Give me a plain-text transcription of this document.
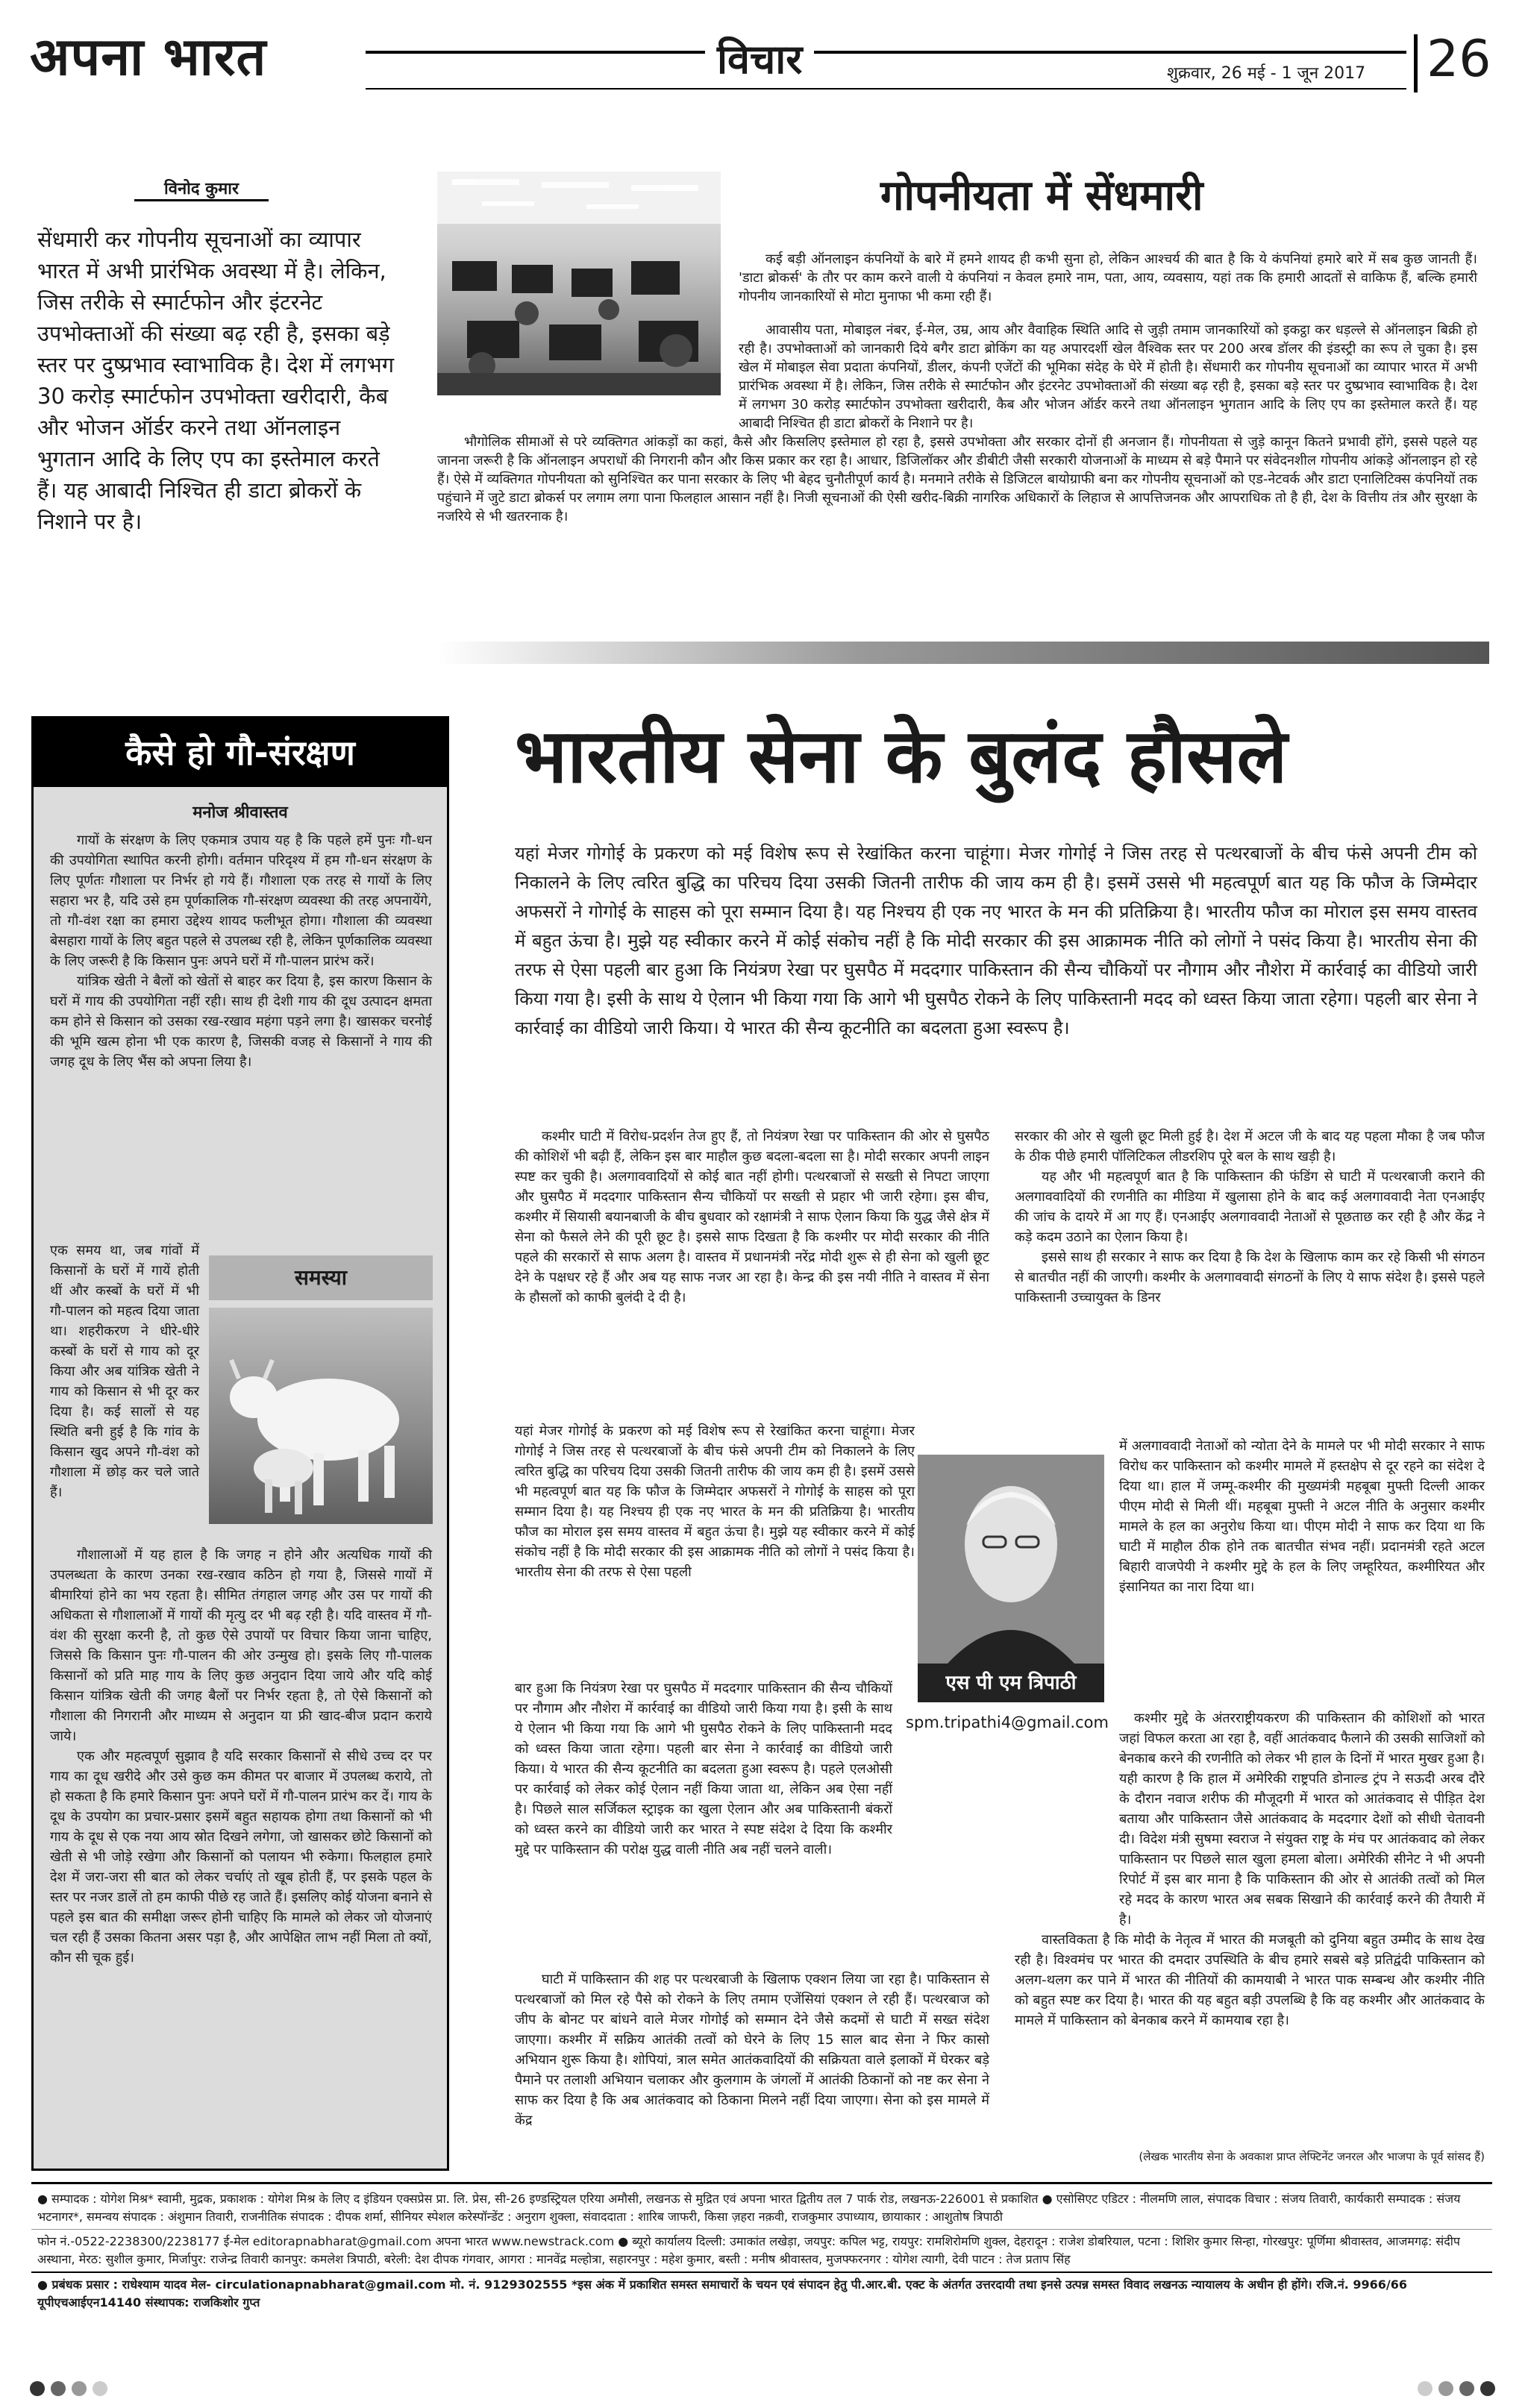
अपना भारत	विचार	शुक्रवार, 26 मई - 1 जून 2017 26
विनोद कुमार
सेंधमारी कर गोपनीय सूचनाओं का व्यापार भारत में अभी प्रारंभिक अवस्था में है। लेकिन, जिस तरीके से स्मार्टफोन और इंटरनेट उपभोक्ताओं की संख्या बढ़ रही है, इसका बड़े स्तर पर दुष्प्रभाव स्वाभाविक है। देश में लगभग 30 करोड़ स्मार्टफोन उपभोक्ता खरीदारी, कैब और भोजन ऑर्डर करने तथा ऑनलाइन भुगतान आदि के लिए एप का इस्तेमाल करते हैं। यह आबादी निश्चित ही डाटा ब्रोकरों के निशाने पर है।
गोपनीयता में सेंधमारी

कई बड़ी ऑनलाइन कंपनियों के बारे में हमने शायद ही कभी सुना हो, लेकिन आश्चर्य की बात है कि ये कंपनियां हमारे बारे में सब कुछ जानती हैं। 'डाटा ब्रोकर्स' के तौर पर काम करने वाली ये कंपनियां न केवल हमारे नाम, पता, आय, व्यवसाय, यहां तक कि हमारी आदतों से वाकिफ हैं, बल्कि हमारी गोपनीय जानकारियों से मोटा मुनाफा भी कमा रही हैं।

आवासीय पता, मोबाइल नंबर, ई-मेल, उम्र, आय और वैवाहिक स्थिति आदि से जुड़ी तमाम जानकारियों को इकट्ठा कर धड़ल्ले से ऑनलाइन बिक्री हो रही है। उपभोक्ताओं को जानकारी दिये बगैर डाटा ब्रोकिंग का यह अपारदर्शी खेल वैश्विक स्तर पर 200 अरब डॉलर की इंडस्ट्री का रूप ले चुका है। इस खेल में मोबाइल सेवा प्रदाता कंपनियों, डीलर, कंपनी एजेंटों की भूमिका संदेह के घेरे में होती है। सेंधमारी कर गोपनीय सूचनाओं का व्यापार भारत में अभी प्रारंभिक अवस्था में है। लेकिन, जिस तरीके से स्मार्टफोन और इंटरनेट उपभोक्ताओं की संख्या बढ़ रही है, इसका बड़े स्तर पर दुष्प्रभाव स्वाभाविक है। देश में लगभग 30 करोड़ स्मार्टफोन उपभोक्ता खरीदारी, कैब और भोजन ऑर्डर करने तथा ऑनलाइन भुगतान आदि के लिए एप का इस्तेमाल करते हैं। यह आबादी निश्चित ही डाटा ब्रोकरों के निशाने पर है।

भौगोलिक सीमाओं से परे व्यक्तिगत आंकड़ों का कहां, कैसे और किसलिए इस्तेमाल हो रहा है, इससे उपभोक्ता और सरकार दोनों ही अनजान हैं। गोपनीयता से जुड़े कानून कितने प्रभावी होंगे, इससे पहले यह जानना जरूरी है कि ऑनलाइन अपराधों की निगरानी कौन और किस प्रकार कर रहा है। आधार, डिजिलॉकर और डीबीटी जैसी सरकारी योजनाओं के माध्यम से बड़े पैमाने पर संवेदनशील गोपनीय आंकड़े ऑनलाइन हो रहे हैं। ऐसे में व्यक्तिगत गोपनीयता को सुनिश्चित कर पाना सरकार के लिए भी बेहद चुनौतीपूर्ण कार्य है। मनमाने तरीके से डिजिटल बायोग्राफी बना कर गोपनीय सूचनाओं को एड-नेटवर्क और डाटा एनालिटिक्स कंपनियों तक पहुंचाने में जुटे डाटा ब्रोकर्स पर लगाम लगा पाना फिलहाल आसान नहीं है। निजी सूचनाओं की ऐसी खरीद-बिक्री नागरिक अधिकारों के लिहाज से आपत्तिजनक और आपराधिक तो है ही, देश के वित्तीय तंत्र और सुरक्षा के नजरिये से भी खतरनाक है।

कैसे हो गौ-संरक्षण
मनोज श्रीवास्तव

गायों के संरक्षण के लिए एकमात्र उपाय यह है कि पहले हमें पुनः गौ-धन की उपयोगिता स्थापित करनी होगी। वर्तमान परिदृश्य में हम गौ-धन संरक्षण के लिए पूर्णतः गौशाला पर निर्भर हो गये हैं। गौशाला एक तरह से गायों के लिए सहारा भर है, यदि उसे हम पूर्णकालिक गौ-संरक्षण व्यवस्था की तरह अपनायेंगे, तो गौ-वंश रक्षा का हमारा उद्देश्य शायद फलीभूत होगा। गौशाला की व्यवस्था बेसहारा गायों के लिए बहुत पहले से उपलब्ध रही है, लेकिन पूर्णकालिक व्यवस्था के लिए जरूरी है कि किसान पुनः अपने घरों में गौ-पालन प्रारंभ करें।

यांत्रिक खेती ने बैलों को खेतों से बाहर कर दिया है, इस कारण किसान के घरों में गाय की उपयोगिता नहीं रही। साथ ही देशी गाय की दूध उत्पादन क्षमता कम होने से किसान को उसका रख-रखाव महंगा पड़ने लगा है। खासकर चरनोई की भूमि खत्म होना भी एक कारण है, जिसकी वजह से किसानों ने गाय की जगह दूध के लिए भैंस को अपना लिया है।

एक समय था, जब गांवों में किसानों के घरों में गायें होती थीं और कस्बों के घरों में भी गौ-पालन को महत्व दिया जाता था। शहरीकरण ने धीरे-धीरे कस्बों के घरों से गाय को दूर किया और अब यांत्रिक खेती ने गाय को किसान से भी दूर कर दिया है। कई सालों से यह स्थिति बनी हुई है कि गांव के किसान खुद अपने गौ-वंश को गौशाला में छोड़ कर चले जाते हैं।
समस्या

गौशालाओं में यह हाल है कि जगह न होने और अत्यधिक गायों की उपलब्धता के कारण उनका रख-रखाव कठिन हो गया है, जिससे गायों में बीमारियां होने का भय रहता है। सीमित तंगहाल जगह और उस पर गायों की अधिकता से गौशालाओं में गायों की मृत्यु दर भी बढ़ रही है। यदि वास्तव में गौ-वंश की सुरक्षा करनी है, तो कुछ ऐसे उपायों पर विचार किया जाना चाहिए, जिससे कि किसान पुनः गौ-पालन की ओर उन्मुख हो। इसके लिए गौ-पालक किसानों को प्रति माह गाय के लिए कुछ अनुदान दिया जाये और यदि कोई किसान यांत्रिक खेती की जगह बैलों पर निर्भर रहता है, तो ऐसे किसानों को गौशाला की निगरानी और माध्यम से अनुदान या फ्री खाद-बीज प्रदान कराये जाये।

एक और महत्वपूर्ण सुझाव है यदि सरकार किसानों से सीधे उच्च दर पर गाय का दूध खरीदे और उसे कुछ कम कीमत पर बाजार में उपलब्ध कराये, तो हो सकता है कि हमारे किसान पुनः अपने घरों में गौ-पालन प्रारंभ कर दें। गाय के दूध के उपयोग का प्रचार-प्रसार इसमें बहुत सहायक होगा तथा किसानों को भी गाय के दूध से एक नया आय स्रोत दिखने लगेगा, जो खासकर छोटे किसानों को खेती से भी जोड़े रखेगा और किसानों को पलायन भी रुकेगा। फिलहाल हमारे देश में जरा-जरा सी बात को लेकर चर्चाएं तो खूब होती हैं, पर इसके पहल के स्तर पर नजर डालें तो हम काफी पीछे रह जाते हैं। इसलिए कोई योजना बनाने से पहले इस बात की समीक्षा जरूर होनी चाहिए कि मामले को लेकर जो योजनाएं चल रही हैं उसका कितना असर पड़ा है, और आपेक्षित लाभ नहीं मिला तो क्यों, कौन सी चूक हुई।

भारतीय सेना के बुलंद हौसले
यहां मेजर गोगोई के प्रकरण को मई विशेष रूप से रेखांकित करना चाहूंगा। मेजर गोगोई ने जिस तरह से पत्थरबाजों के बीच फंसे अपनी टीम को निकालने के लिए त्वरित बुद्धि का परिचय दिया उसकी जितनी तारीफ की जाय कम ही है। इसमें उससे भी महत्वपूर्ण बात यह कि फौज के जिम्मेदार अफसरों ने गोगोई के साहस को पूरा सम्मान दिया है। यह निश्चय ही एक नए भारत के मन की प्रतिक्रिया है। भारतीय फौज का मोराल इस समय वास्तव में बहुत ऊंचा है। मुझे यह स्वीकार करने में कोई संकोच नहीं है कि मोदी सरकार की इस आक्रामक नीति को लोगों ने पसंद किया है। भारतीय सेना की तरफ से ऐसा पहली बार हुआ कि नियंत्रण रेखा पर घुसपैठ में मददगार पाकिस्तान की सैन्य चौकियों पर नौगाम और नौशेरा में कार्रवाई का वीडियो जारी किया गया है। इसी के साथ ये ऐलान भी किया गया कि आगे भी घुसपैठ रोकने के लिए पाकिस्तानी मदद को ध्वस्त किया जाता रहेगा। पहली बार सेना ने कार्रवाई का वीडियो जारी किया। ये भारत की सैन्य कूटनीति का बदलता हुआ स्वरूप है।
कश्मीर घाटी में विरोध-प्रदर्शन तेज हुए हैं, तो नियंत्रण रेखा पर पाकिस्तान की ओर से घुसपैठ की कोशिशें भी बढ़ी हैं, लेकिन इस बार माहौल कुछ बदला-बदला सा है। मोदी सरकार अपनी लाइन स्पष्ट कर चुकी है। अलगाववादियों से कोई बात नहीं होगी। पत्थरबाजों से सख्ती से निपटा जाएगा और घुसपैठ में मददगार पाकिस्तान सैन्य चौकियों पर सख्ती से प्रहार भी जारी रहेगा। इस बीच, कश्मीर में सियासी बयानबाजी के बीच बुधवार को रक्षामंत्री ने साफ ऐलान किया कि युद्ध जैसे क्षेत्र में सेना को फैसले लेने की पूरी छूट है। इससे साफ दिखता है कि कश्मीर पर मोदी सरकार की नीति पहले की सरकारों से साफ अलग है। वास्तव में प्रधानमंत्री नरेंद्र मोदी शुरू से ही सेना को खुली छूट देने के पक्षधर रहे हैं और अब यह साफ नजर आ रहा है। केन्द्र की इस नयी नीति ने वास्तव में सेना के हौसलों को काफी बुलंदी दे दी है।
यहां मेजर गोगोई के प्रकरण को मई विशेष रूप से रेखांकित करना चाहूंगा। मेजर गोगोई ने जिस तरह से पत्थरबाजों के बीच फंसे अपनी टीम को निकालने के लिए त्वरित बुद्धि का परिचय दिया उसकी जितनी तारीफ की जाय कम ही है। इसमें उससे भी महत्वपूर्ण बात यह कि फौज के जिम्मेदार अफसरों ने गोगोई के साहस को पूरा सम्मान दिया है। यह निश्चय ही एक नए भारत के मन की प्रतिक्रिया है। भारतीय फौज का मोराल इस समय वास्तव में बहुत ऊंचा है। मुझे यह स्वीकार करने में कोई संकोच नहीं है कि मोदी सरकार की इस आक्रामक नीति को लोगों ने पसंद किया है। भारतीय सेना की तरफ से ऐसा पहली
एस पी एम त्रिपाठी
spm.tripathi4@gmail.com

बार हुआ कि नियंत्रण रेखा पर घुसपैठ में मददगार पाकिस्तान की सैन्य चौकियों पर नौगाम और नौशेरा में कार्रवाई का वीडियो जारी किया गया है। इसी के साथ ये ऐलान भी किया गया कि आगे भी घुसपैठ रोकने के लिए पाकिस्तानी मदद को ध्वस्त किया जाता रहेगा। पहली बार सेना ने कार्रवाई का वीडियो जारी किया। ये भारत की सैन्य कूटनीति का बदलता हुआ स्वरूप है। पहले एलओसी पर कार्रवाई को लेकर कोई ऐलान नहीं किया जाता था, लेकिन अब ऐसा नहीं है। पिछले साल सर्जिकल स्ट्राइक का खुला ऐलान और अब पाकिस्तानी बंकरों को ध्वस्त करने का वीडियो जारी कर भारत ने स्पष्ट संदेश दे दिया कि कश्मीर मुद्दे पर पाकिस्तान की परोक्ष युद्ध वाली नीति अब नहीं चलने वाली।

घाटी में पाकिस्तान की शह पर पत्थरबाजी के खिलाफ एक्शन लिया जा रहा है। पाकिस्तान से पत्थरबाजों को मिल रहे पैसे को रोकने के लिए तमाम एजेंसियां एक्शन ले रही हैं। पत्थरबाज को जीप के बोनट पर बांधने वाले मेजर गोगोई को सम्मान देने जैसे कदमों से घाटी में सख्त संदेश जाएगा। कश्मीर में सक्रिय आतंकी तत्वों को घेरने के लिए 15 साल बाद सेना ने फिर कासो अभियान शुरू किया है। शोपियां, त्राल समेत आतंकवादियों की सक्रियता वाले इलाकों में घेरकर बड़े पैमाने पर तलाशी अभियान चलाकर और कुलगाम के जंगलों में आतंकी ठिकानों को नष्ट कर सेना ने साफ कर दिया है कि अब आतंकवाद को ठिकाना मिलने नहीं दिया जाएगा। सेना को इस मामले में केंद्र

सरकार की ओर से खुली छूट मिली हुई है। देश में अटल जी के बाद यह पहला मौका है जब फौज के ठीक पीछे हमारी पॉलिटिकल लीडरशिप पूरे बल के साथ खड़ी है।

यह और भी महत्वपूर्ण बात है कि पाकिस्तान की फंडिंग से घाटी में पत्थरबाजी कराने की अलगाववादियों की रणनीति का मीडिया में खुलासा होने के बाद कई अलगाववादी नेता एनआईए की जांच के दायरे में आ गए हैं। एनआईए अलगाववादी नेताओं से पूछताछ कर रही है और केंद्र ने कड़े कदम उठाने का ऐलान किया है।

इससे साथ ही सरकार ने साफ कर दिया है कि देश के खिलाफ काम कर रहे किसी भी संगठन से बातचीत नहीं की जाएगी। कश्मीर के अलगाववादी संगठनों के लिए ये साफ संदेश है। इससे पहले पाकिस्तानी उच्चायुक्त के डिनर

में अलगाववादी नेताओं को न्योता देने के मामले पर भी मोदी सरकार ने साफ विरोध कर पाकिस्तान को कश्मीर मामले में हस्तक्षेप से दूर रहने का संदेश दे दिया था। हाल में जम्मू-कश्मीर की मुख्यमंत्री महबूबा मुफ्ती दिल्ली आकर पीएम मोदी से मिली थीं। महबूबा मुफ्ती ने अटल नीति के अनुसार कश्मीर मामले के हल का अनुरोध किया था। पीएम मोदी ने साफ कर दिया था कि घाटी में माहौल ठीक होने तक बातचीत संभव नहीं। प्रदानमंत्री रहते अटल बिहारी वाजपेयी ने कश्मीर मुद्दे के हल के लिए जम्हूरियत, कश्मीरियत और इंसानियत का नारा दिया था।

कश्मीर मुद्दे के अंतरराष्ट्रीयकरण की पाकिस्तान की कोशिशों को भारत जहां विफल करता आ रहा है, वहीं आतंकवाद फैलाने की उसकी साजिशों को बेनकाब करने की रणनीति को लेकर भी हाल के दिनों में भारत मुखर हुआ है। यही कारण है कि हाल में अमेरिकी राष्ट्रपति डोनाल्ड ट्रंप ने सऊदी अरब दौरे के दौरान नवाज शरीफ की मौजूदगी में भारत को आतंकवाद से पीड़ित देश बताया और पाकिस्तान जैसे आतंकवाद के मददगार देशों को सीधी चेतावनी दी। विदेश मंत्री सुषमा स्वराज ने संयुक्त राष्ट्र के मंच पर आतंकवाद को लेकर पाकिस्तान पर पिछले साल खुला हमला बोला। अमेरिकी सीनेट ने भी अपनी रिपोर्ट में इस बार माना है कि पाकिस्तान की ओर से आतंकी तत्वों को मिल रहे मदद के कारण भारत अब सबक सिखाने की कार्रवाई करने की तैयारी में है।

वास्तविकता है कि मोदी के नेतृत्व में भारत की मजबूती को दुनिया बहुत उम्मीद के साथ देख रही है। विश्वमंच पर भारत की दमदार उपस्थिति के बीच हमारे सबसे बड़े प्रतिद्वंदी पाकिस्तान को अलग-थलग कर पाने में भारत की नीतियों की कामयाबी ने भारत पाक सम्बन्ध और कश्मीर नीति को बहुत स्पष्ट कर दिया है। भारत की यह बहुत बड़ी उपलब्धि है कि वह कश्मीर और आतंकवाद के मामले में पाकिस्तान को बेनकाब करने में कामयाब रहा है।

(लेखक भारतीय सेना के अवकाश प्राप्त लेफ्टिनेंट जनरल और भाजपा के पूर्व सांसद हैं)
● सम्पादक : योगेश मिश्र* स्वामी, मुद्रक, प्रकाशक : योगेश मिश्र के लिए द इंडियन एक्सप्रेस प्रा. लि. प्रेस, सी-26 इण्डस्ट्रियल एरिया अमौसी, लखनऊ से मुद्रित एवं अपना भारत द्वितीय तल 7 पार्क रोड, लखनऊ-226001 से प्रकाशित ● एसोसिएट एडिटर : नीलमणि लाल, संपादक विचार : संजय तिवारी, कार्यकारी सम्पादक : संजय भटनागर*, समन्वय संपादक : अंशुमान तिवारी, राजनीतिक संपादक : दीपक शर्मा, सीनियर स्पेशल करेस्पॉन्डेंट : अनुराग शुक्ला, संवाददाता : शारिब जाफरी, किसा ज़हरा नक़वी, राजकुमार उपाध्याय, छायाकार : आशुतोष त्रिपाठी
फोन नं.-0522-2238300/2238177 ई-मेल editorapnabharat@gmail.com अपना भारत www.newstrack.com ● ब्यूरो कार्यालय दिल्ली: उमाकांत लखेड़ा, जयपुर: कपिल भट्ट, रायपुर: रामशिरोमणि शुक्ल, देहरादून : राजेश डोबरियाल, पटना : शिशिर कुमार सिन्हा, गोरखपुर: पूर्णिमा श्रीवास्तव, आजमगढ़: संदीप अस्थाना, मेरठ: सुशील कुमार, मिर्जापुर: राजेन्द्र तिवारी कानपुर: कमलेश त्रिपाठी, बरेली: देश दीपक गंगवार, आगरा : मानवेंद्र मल्होत्रा, सहारनपुर : महेश कुमार, बस्ती : मनीष श्रीवास्तव, मुजफ्फरनगर : योगेश त्यागी, देवी पाटन : तेज प्रताप सिंह
● प्रबंधक प्रसार : राधेश्याम यादव मेल- circulationapnabharat@gmail.com मो. नं. 9129302555 *इस अंक में प्रकाशित समस्त समाचारों के चयन एवं संपादन हेतु पी.आर.बी. एक्ट के अंतर्गत उत्तरदायी तथा इनसे उत्पन्न समस्त विवाद लखनऊ न्यायालय के अधीन ही होंगे। रजि.नं. 9966/66 यूपीएचआईएन14140 संस्थापक: राजकिशोर गुप्त
